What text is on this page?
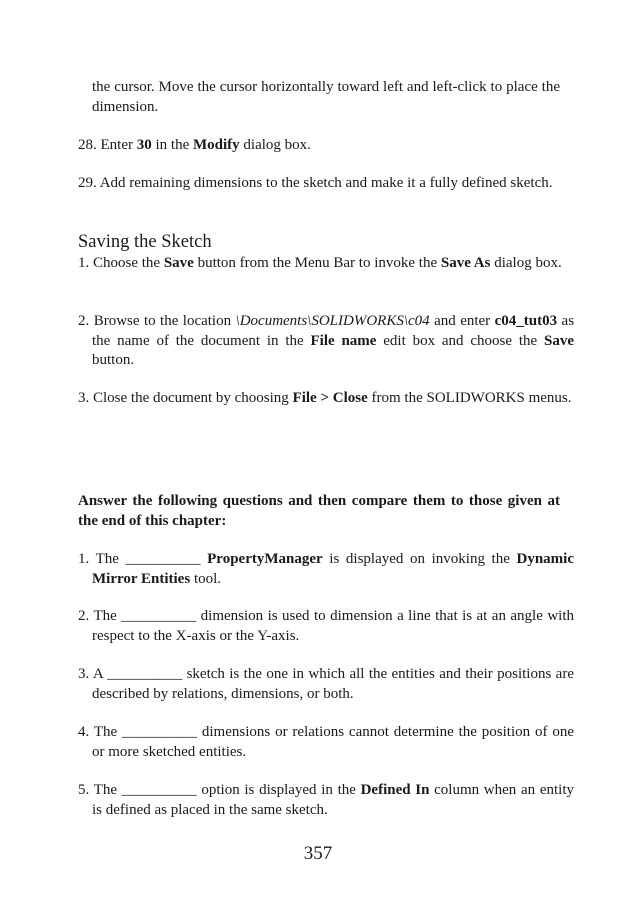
the cursor. Move the cursor horizontally toward left and left-click to place the dimension.

28. Enter 30 in the Modify dialog box.

29. Add remaining dimensions to the sketch and make it a fully defined sketch.

Saving the Sketch

1. Choose the Save button from the Menu Bar to invoke the Save As dialog box.

2. Browse to the location \Documents\SOLIDWORKS\c04 and enter c04_tut03 as the name of the document in the File name edit box and choose the Save button.

3. Close the document by choosing File > Close from the SOLIDWORKS menus.

Answer the following questions and then compare them to those given at the end of this chapter:

1. The __________ PropertyManager is displayed on invoking the Dynamic Mirror Entities tool.

2. The __________ dimension is used to dimension a line that is at an angle with respect to the X-axis or the Y-axis.

3. A __________ sketch is the one in which all the entities and their positions are described by relations, dimensions, or both.

4. The __________ dimensions or relations cannot determine the position of one or more sketched entities.

5. The __________ option is displayed in the Defined In column when an entity is defined as placed in the same sketch.

357
